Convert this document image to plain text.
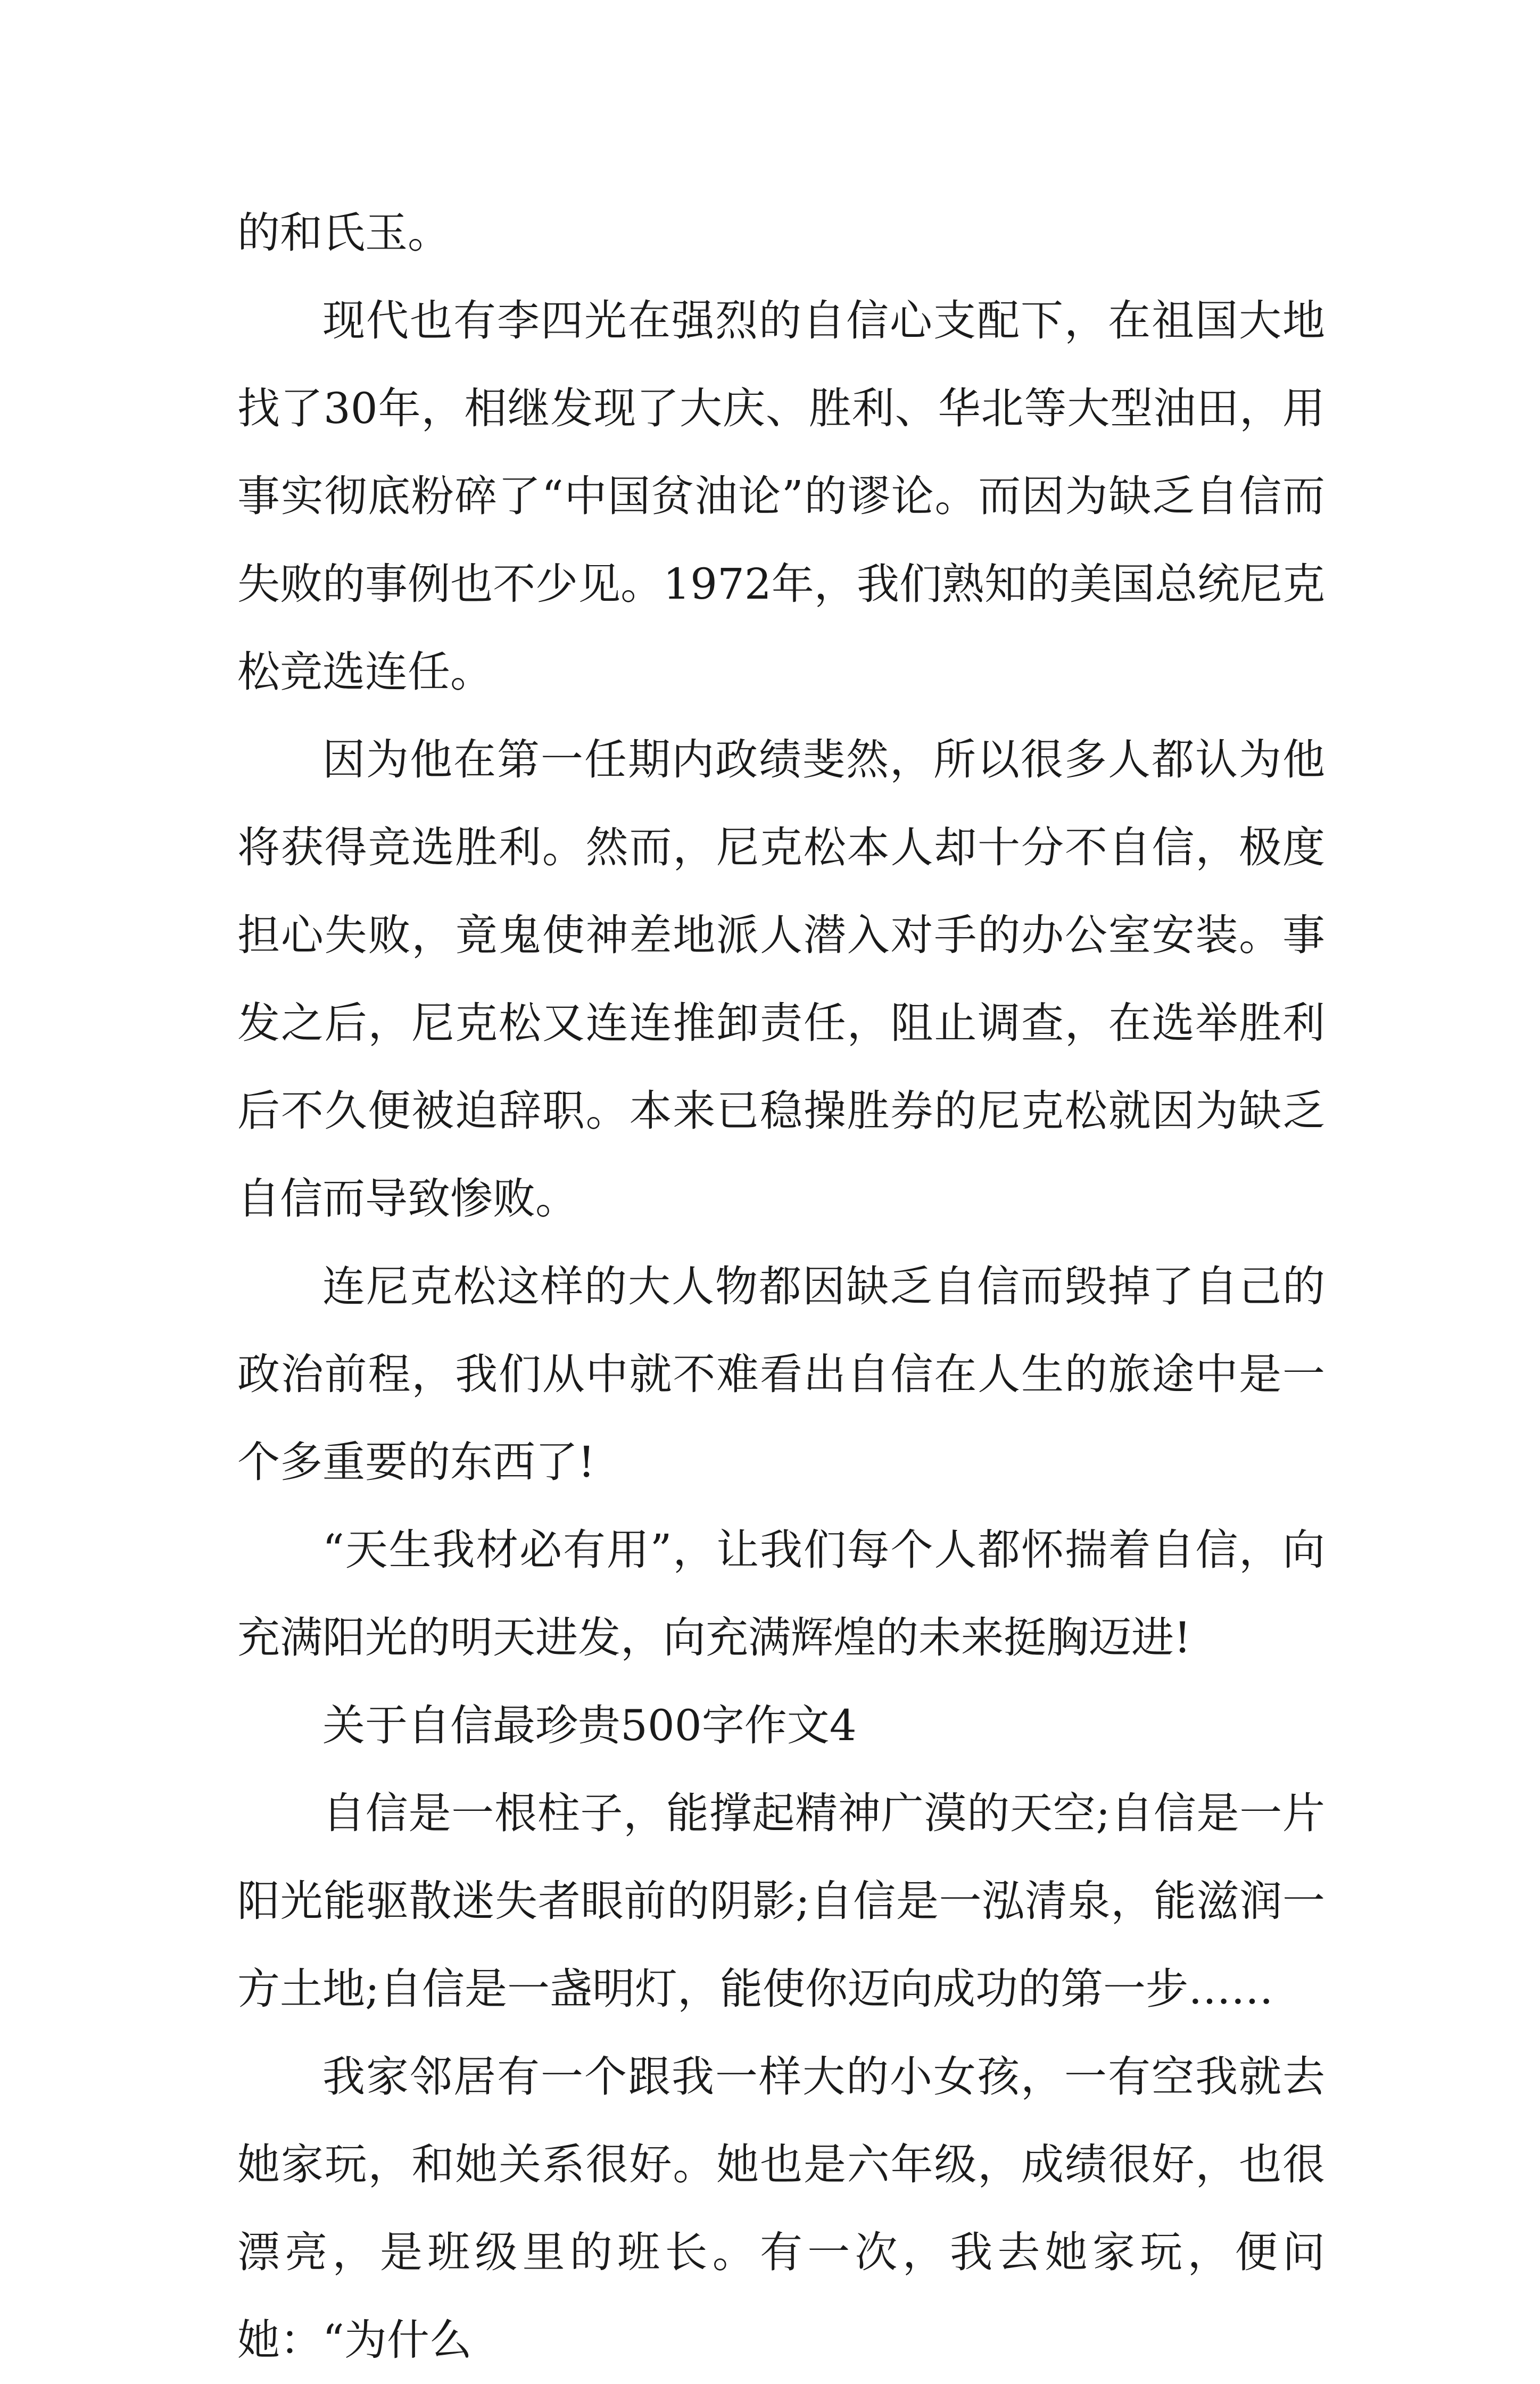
的和氏玉。

现代也有李四光在强烈的自信心支配下，在祖国大地找了30年，相继发现了大庆、胜利、华北等大型油田，用事实彻底粉碎了“中国贫油论”的谬论。而因为缺乏自信而失败的事例也不少见。1972年，我们熟知的美国总统尼克松竞选连任。

因为他在第一任期内政绩斐然，所以很多人都认为他将获得竞选胜利。然而，尼克松本人却十分不自信，极度担心失败，竟鬼使神差地派人潜入对手的办公室安装。事发之后，尼克松又连连推卸责任，阻止调查，在选举胜利后不久便被迫辞职。本来已稳操胜券的尼克松就因为缺乏自信而导致惨败。

连尼克松这样的大人物都因缺乏自信而毁掉了自己的政治前程，我们从中就不难看出自信在人生的旅途中是一个多重要的东西了!

“天生我材必有用”，让我们每个人都怀揣着自信，向充满阳光的明天进发，向充满辉煌的未来挺胸迈进!

关于自信最珍贵500字作文4

自信是一根柱子，能撑起精神广漠的天空;自信是一片阳光能驱散迷失者眼前的阴影;自信是一泓清泉，能滋润一方土地;自信是一盏明灯，能使你迈向成功的第一步……

我家邻居有一个跟我一样大的小女孩，一有空我就去她家玩，和她关系很好。她也是六年级，成绩很好，也很漂亮，是班级里的班长。有一次，我去她家玩，便问她：“为什么
